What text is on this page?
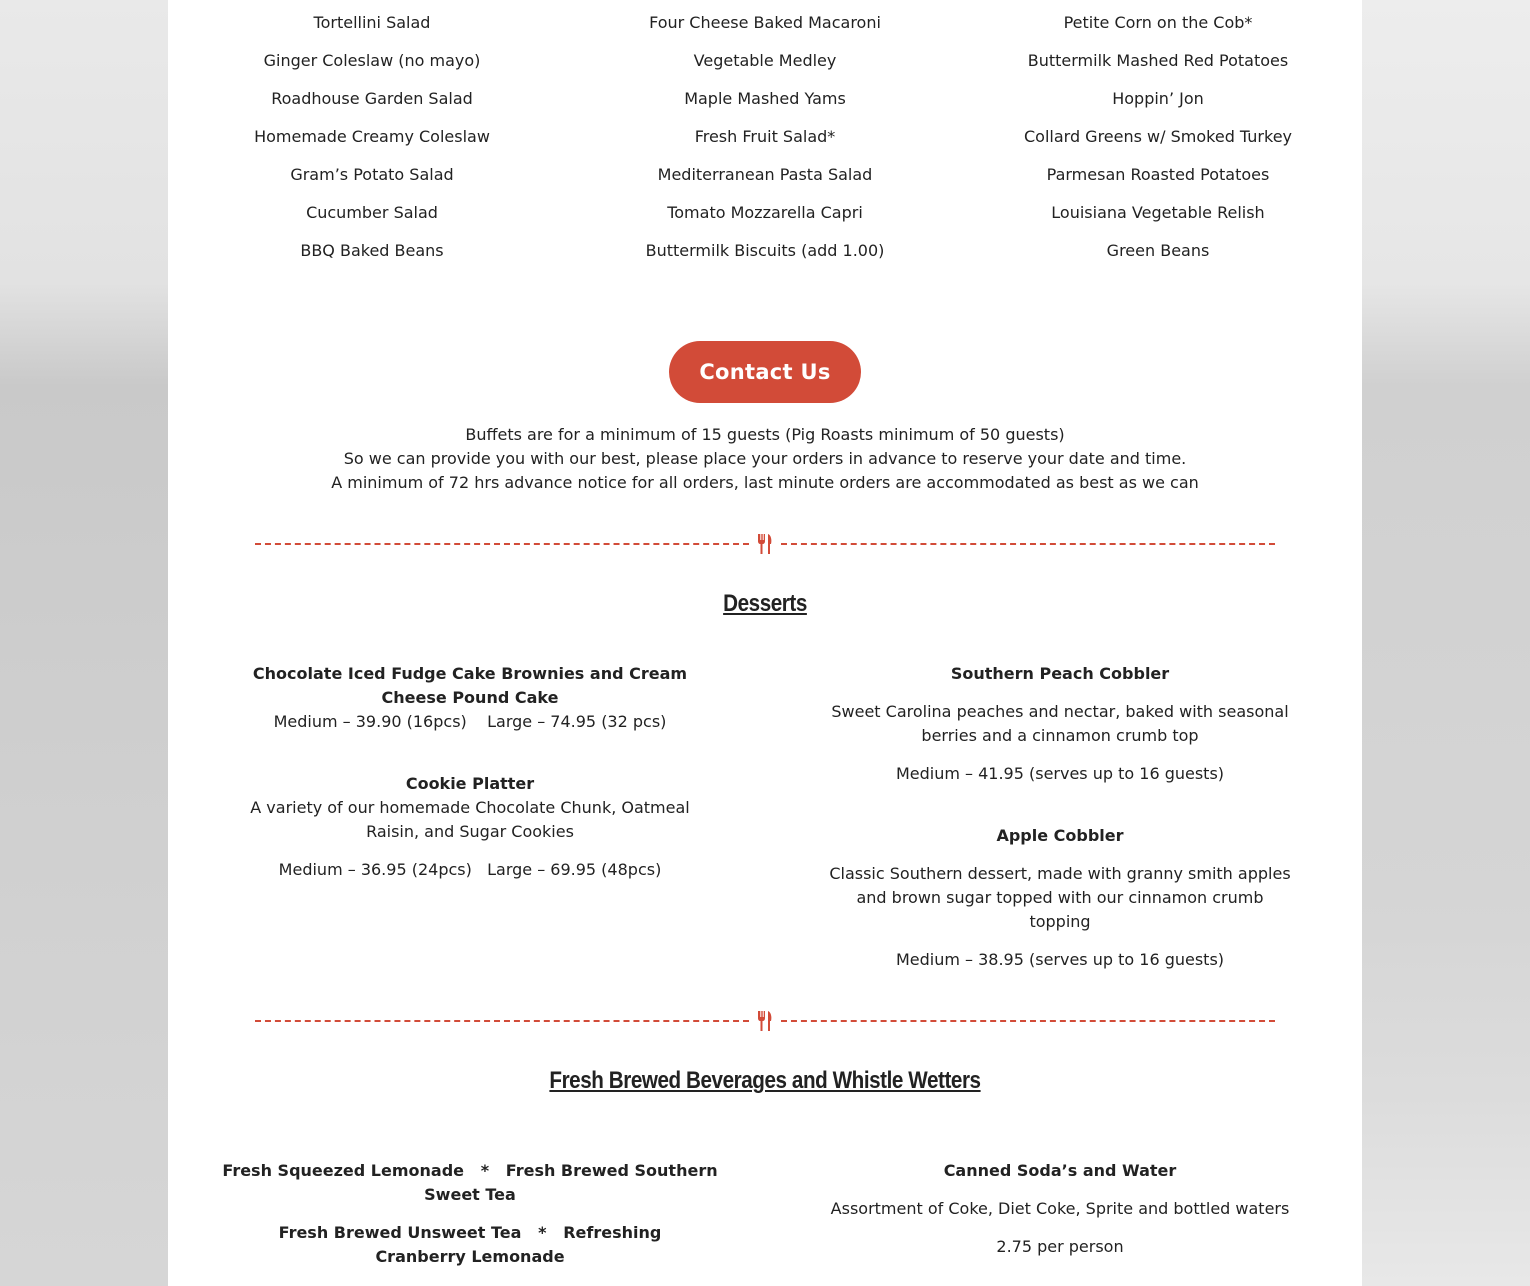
Tortellini Salad
Ginger Coleslaw (no mayo)
Roadhouse Garden Salad
Homemade Creamy Coleslaw
Gram’s Potato Salad
Cucumber Salad
BBQ Baked Beans
Four Cheese Baked Macaroni
Vegetable Medley
Maple Mashed Yams
Fresh Fruit Salad*
Mediterranean Pasta Salad
Tomato Mozzarella Capri
Buttermilk Biscuits (add 1.00)
Petite Corn on the Cob*
Buttermilk Mashed Red Potatoes
Hoppin’ Jon
Collard Greens w/ Smoked Turkey
Parmesan Roasted Potatoes
Louisiana Vegetable Relish
Green Beans
Contact Us
Buffets are for a minimum of 15 guests (Pig Roasts minimum of 50 guests)
So we can provide you with our best, please place your orders in advance to reserve your date and time.
A minimum of 72 hrs advance notice for all orders, last minute orders are accommodated as best as we can
Desserts
Chocolate Iced Fudge Cake Brownies and Cream Cheese Pound Cake
Medium – 39.90 (16pcs)    Large – 74.95 (32 pcs)
Cookie Platter
A variety of our homemade Chocolate Chunk, Oatmeal Raisin, and Sugar Cookies
Medium – 36.95 (24pcs)   Large – 69.95 (48pcs)
Southern Peach Cobbler
Sweet Carolina peaches and nectar, baked with seasonal berries and a cinnamon crumb top
Medium – 41.95 (serves up to 16 guests)
Apple Cobbler
Classic Southern dessert, made with granny smith apples and brown sugar topped with our cinnamon crumb topping
Medium – 38.95 (serves up to 16 guests)
Fresh Brewed Beverages and Whistle Wetters
Fresh Squeezed Lemonade   *   Fresh Brewed Southern Sweet Tea
Fresh Brewed Unsweet Tea   *   Refreshing Cranberry Lemonade
Canned Soda’s and Water
Assortment of Coke, Diet Coke, Sprite and bottled waters
2.75 per person
